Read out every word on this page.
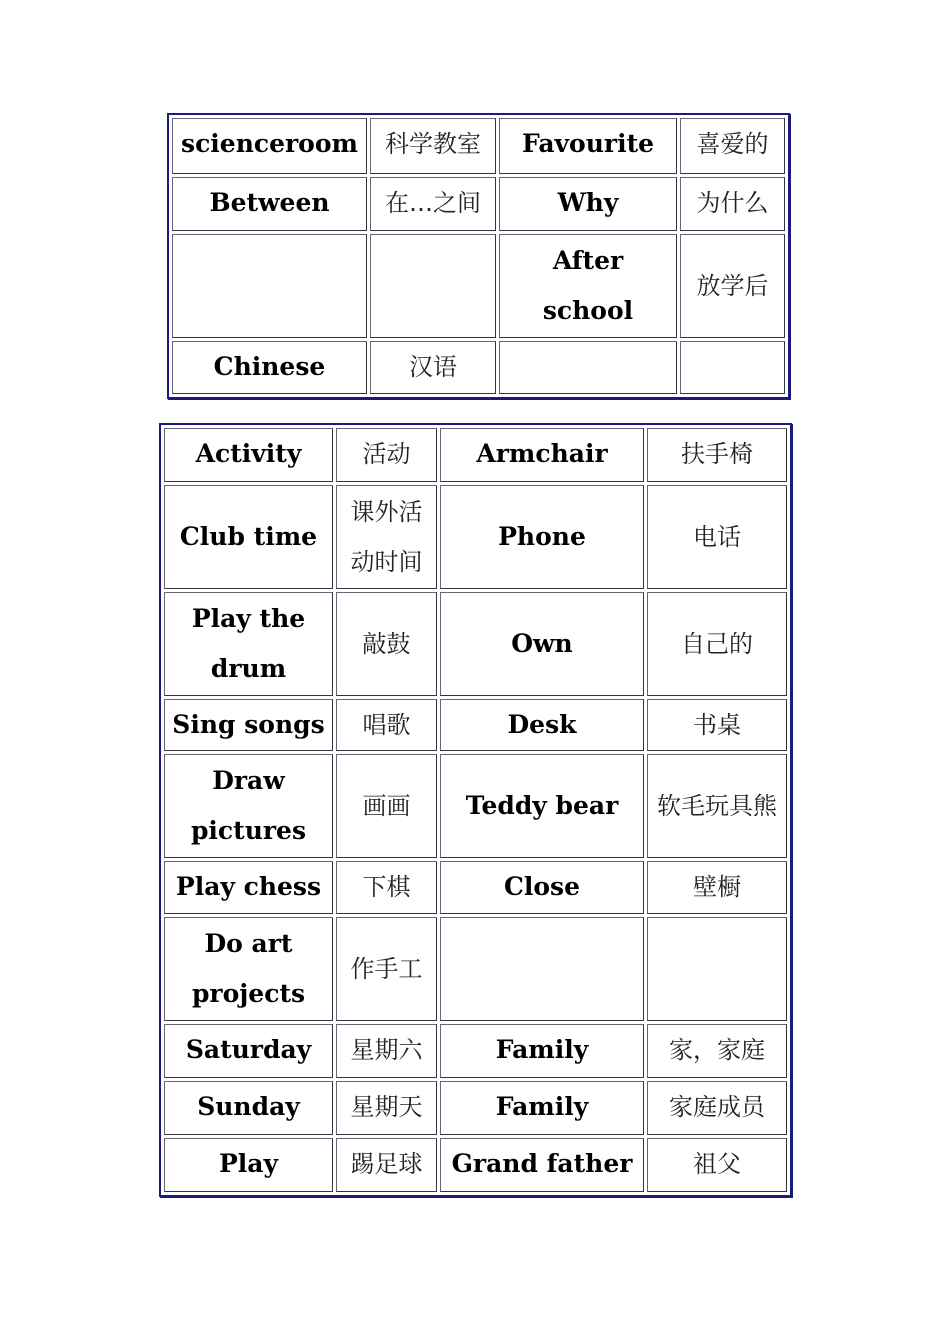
scienceroom	科学教室	Favourite	喜爱的
Between	在…之间	Why	为什么
		After school	放学后
Chinese	汉语		
Activity	活动	Armchair	扶手椅
Club time	课外活动时间	Phone	电话
Play the drum	敲鼓	Own	自己的
Sing songs	唱歌	Desk	书桌
Draw pictures	画画	Teddy bear	软毛玩具熊
Play chess	下棋	Close	壁橱
Do art projects	作手工		
Saturday	星期六	Family	家，家庭
Sunday	星期天	Family	家庭成员
Play	踢足球	Grand father	祖父
